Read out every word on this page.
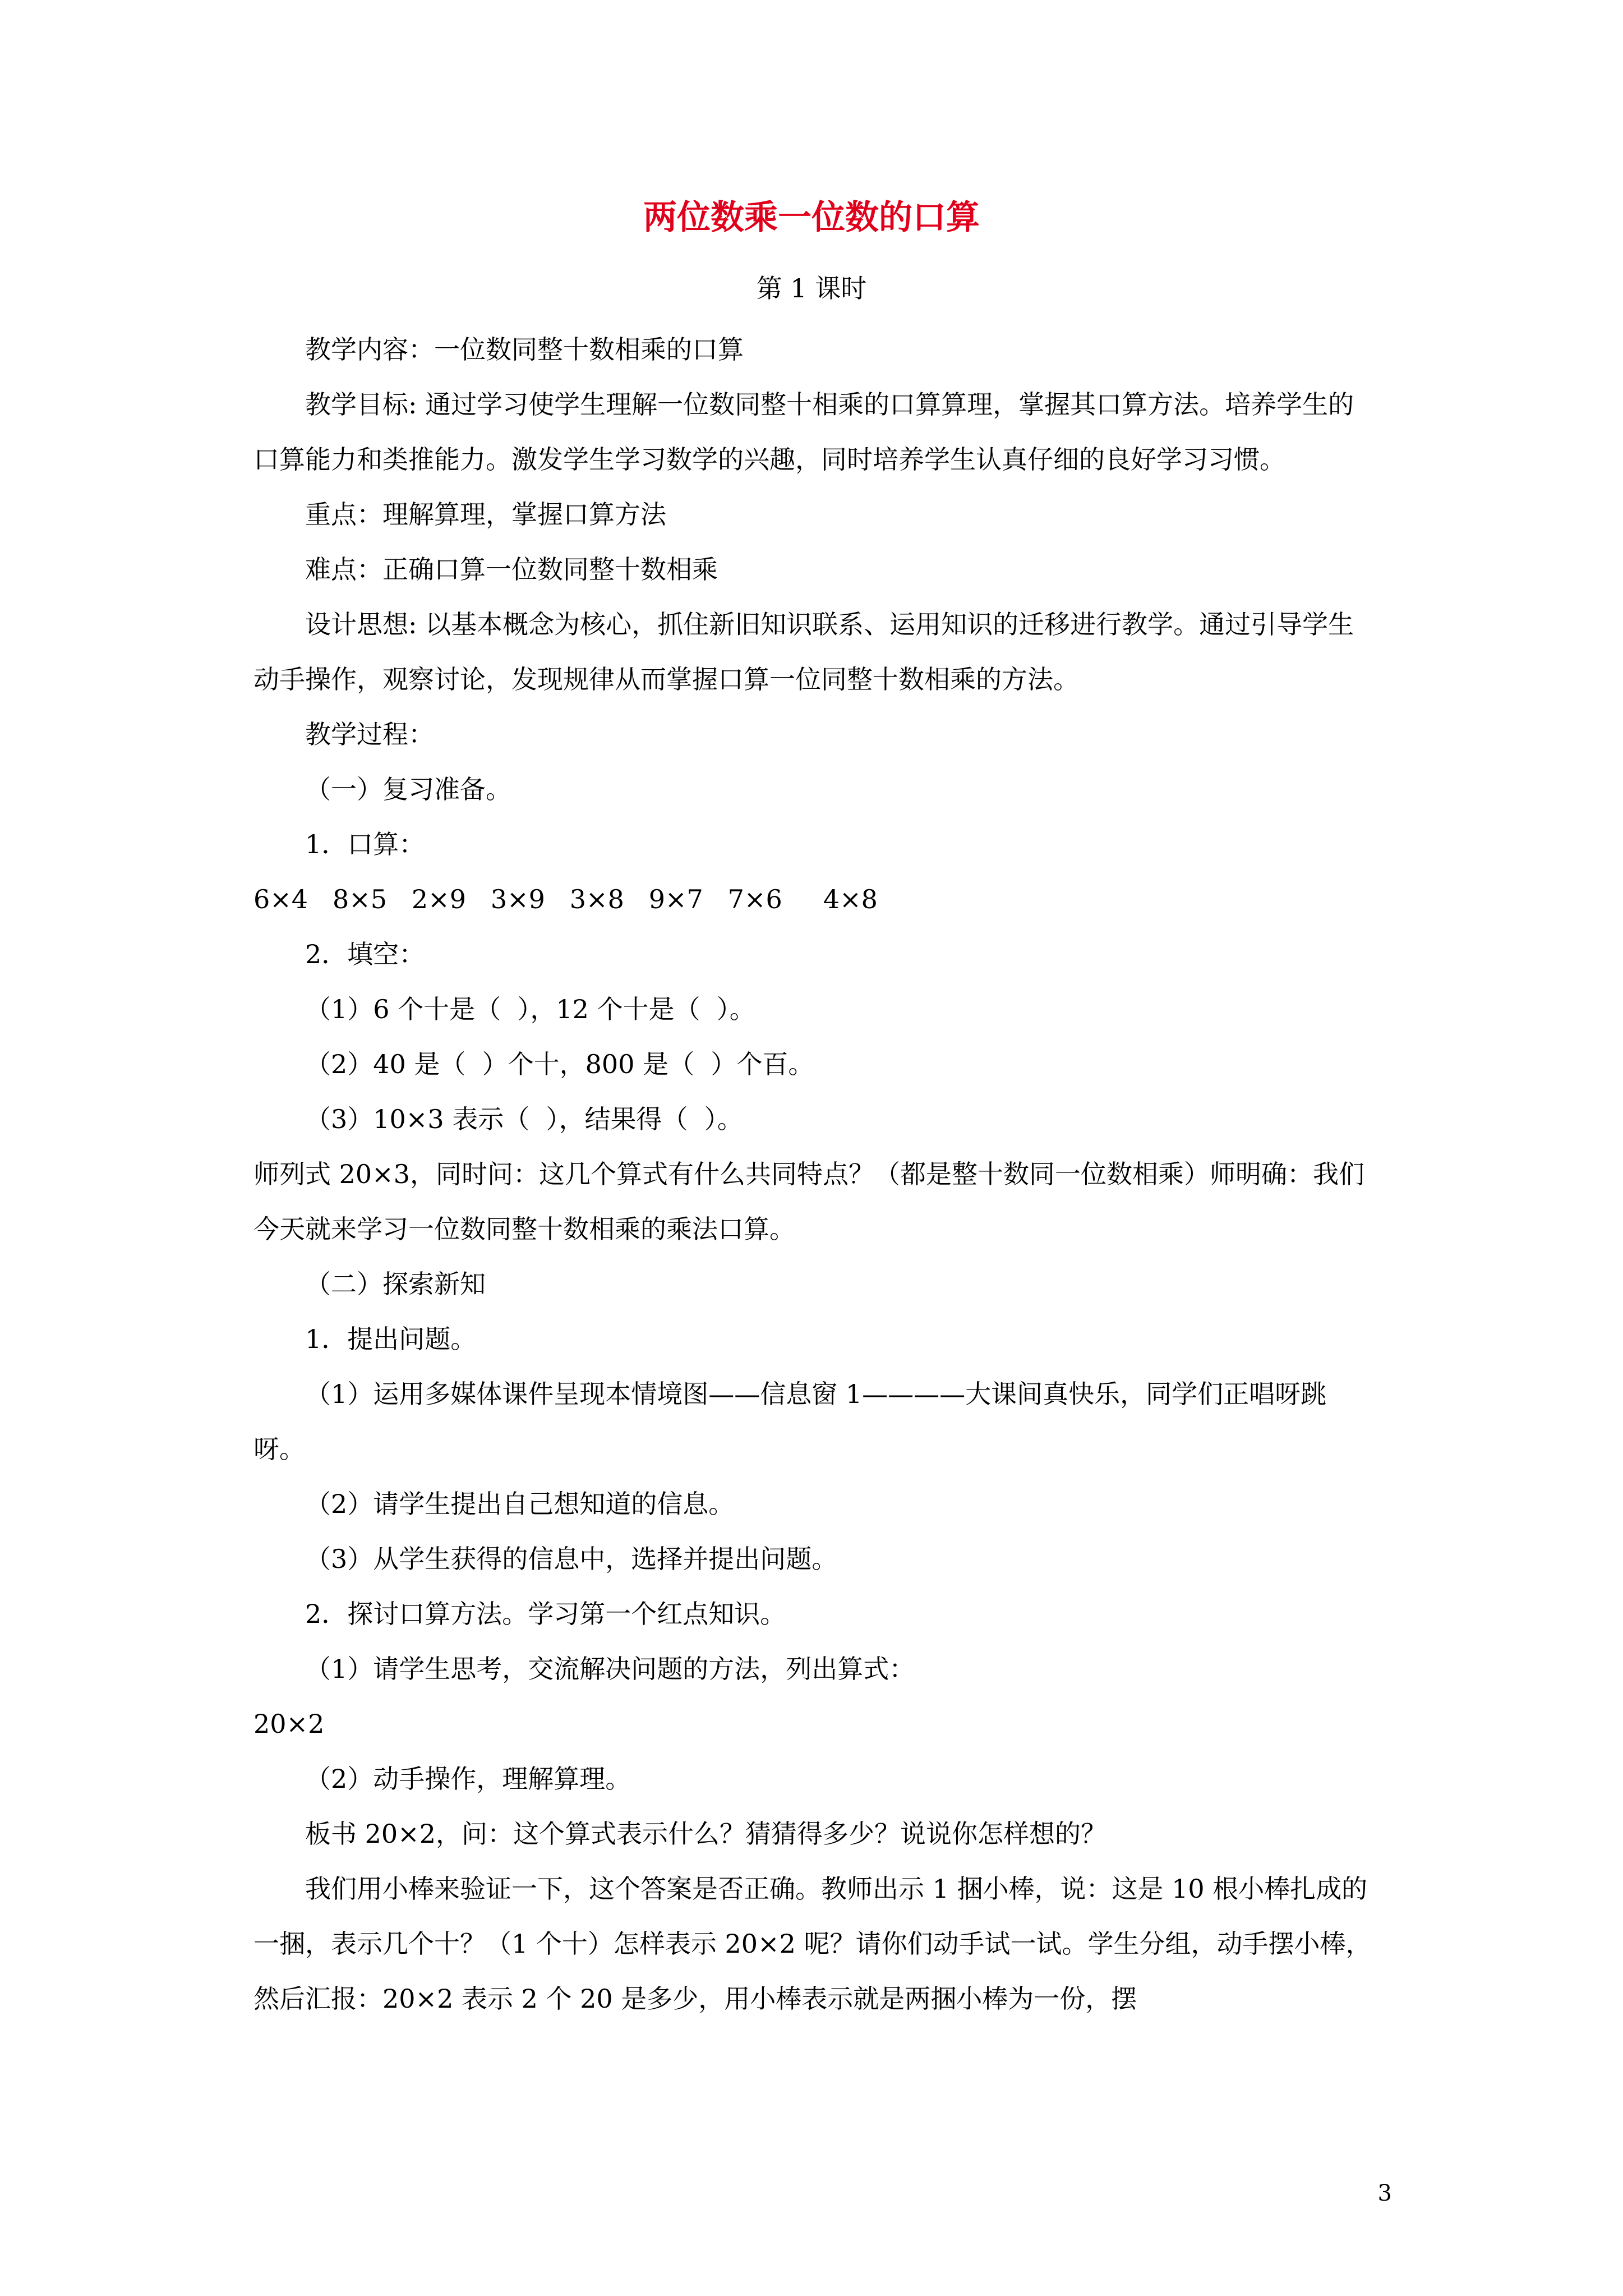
两位数乘一位数的口算

第 1 课时

教学内容：一位数同整十数相乘的口算

教学目标: 通过学习使学生理解一位数同整十相乘的口算算理，掌握其口算方法。培养学生的口算能力和类推能力。激发学生学习数学的兴趣，同时培养学生认真仔细的良好学习习惯。

重点：理解算理，掌握口算方法

难点：正确口算一位数同整十数相乘

设计思想: 以基本概念为核心，抓住新旧知识联系、运用知识的迁移进行教学。通过引导学生动手操作，观察讨论，发现规律从而掌握口算一位同整十数相乘的方法。

教学过程：

（一）复习准备。

1．口算：

6×4   8×5   2×9   3×9   3×8   9×7   7×6     4×8

2．填空：

（1）6 个十是（  ），12 个十是（  ）。

（2）40 是（  ）个十，800 是（  ）个百。

（3）10×3 表示（  ），结果得（  ）。

师列式 20×3，同时问：这几个算式有什么共同特点？（都是整十数同一位数相乘）师明确：我们今天就来学习一位数同整十数相乘的乘法口算。

（二）探索新知

1．提出问题。

（1）运用多媒体课件呈现本情境图——信息窗 1————大课间真快乐，同学们正唱呀跳呀。

（2）请学生提出自己想知道的信息。

（3）从学生获得的信息中，选择并提出问题。

2．探讨口算方法。学习第一个红点知识。

（1）请学生思考，交流解决问题的方法，列出算式：

20×2

（2）动手操作，理解算理。

板书 20×2，问：这个算式表示什么？猜猜得多少？说说你怎样想的？

我们用小棒来验证一下，这个答案是否正确。教师出示 1 捆小棒，说：这是 10 根小棒扎成的一捆，表示几个十？（1 个十）怎样表示 20×2 呢？请你们动手试一试。学生分组，动手摆小棒，然后汇报：20×2 表示 2 个 20 是多少，用小棒表示就是两捆小棒为一份，摆

3
